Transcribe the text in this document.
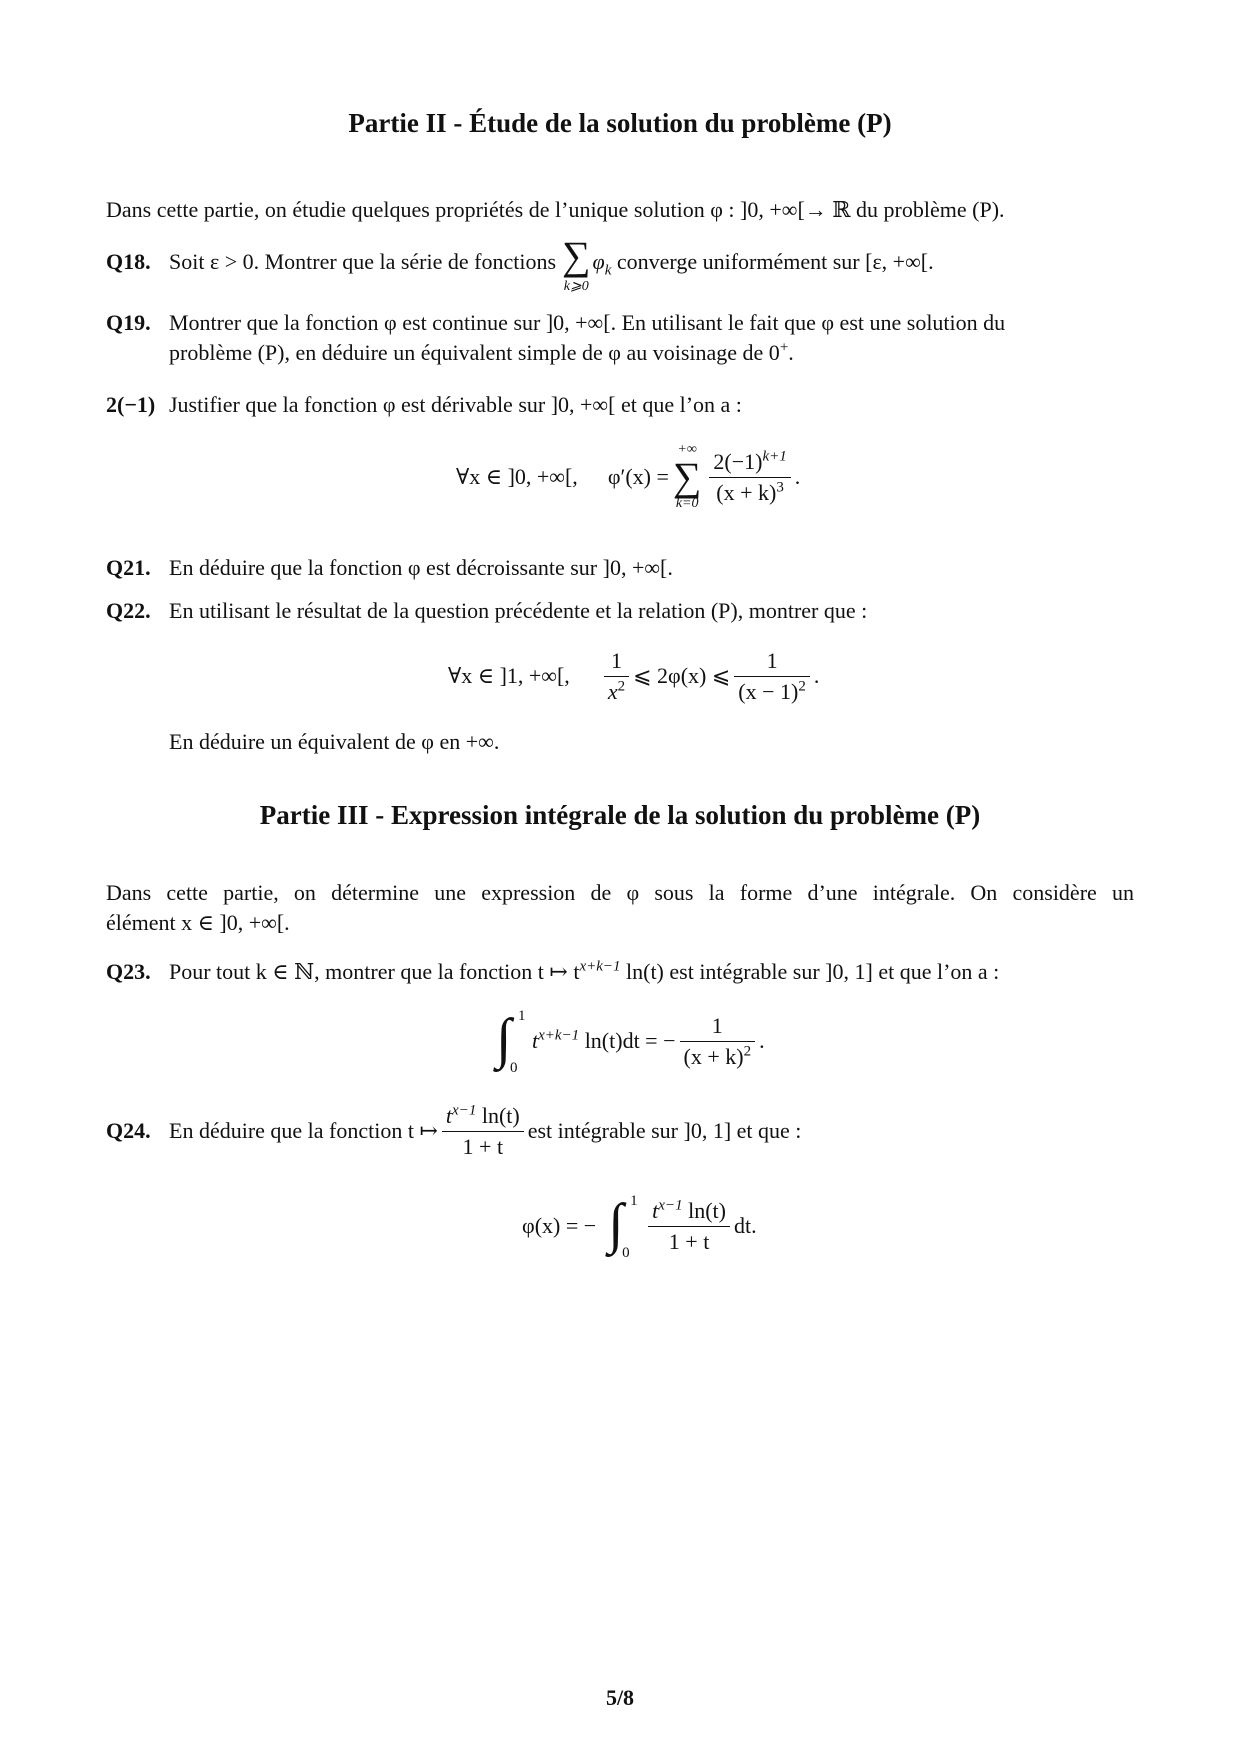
Partie II - Étude de la solution du problème (P)
Dans cette partie, on étudie quelques propriétés de l’unique solution φ : ]0, +∞[→ ℝ du problème (P).
Q18. Soit ε > 0. Montrer que la série de fonctions ∑
k⩾0
$\varphi_k$ converge uniformément sur [ε, +∞[.
Q19. Montrer que la fonction φ est continue sur ]0, +∞[. En utilisant le fait que φ est une solution du
problème (P), en déduire un équivalent simple de φ au voisinage de 0+.
2(−1) Justifier que la fonction φ est dérivable sur ]0, +∞[ et que l’on a :
∀x ∈ ]0, +∞[, φ′(x) =
+∞
∑
$k=0 \frac{2(-1)^{k+1}}{(x + k)^3}$ .
Q21. En déduire que la fonction φ est décroissante sur ]0, +∞[.
Q22. En utilisant le résultat de la question précédente et la relation (P), montrer que :
∀x ∈ ]1, +∞[, $\frac{1}{x^2}$ ⩽ 2φ(x) ⩽ $\frac{1}{(x - 1)^2}$ .
En déduire un équivalent de φ en +∞.
Partie III - Expression intégrale de la solution du problème (P)
Dans cette partie, on détermine une expression de φ sous la forme d’une intégrale. On considère un
élément x ∈ ]0, +∞[.
Q23. Pour tout k ∈ ℕ, montrer que la fonction t ↦ $t^{x+k-1}$ ln(t) est intégrable sur ]0, 1] et que l’on a :
∫ 1
0
$t^{x+k-1}$ ln(t)dt = − $\frac{1}{(x + k)^2}$ .
Q24. En déduire que la fonction t ↦ $\frac{t^{x-1} \ln(t)}{1 + t}$ est intégrable sur ]0, 1] et que :
φ(x) = − ∫ 1
$0 \frac{t^{x-1} \ln(t)}{1 + t}$ dt.
5/8
